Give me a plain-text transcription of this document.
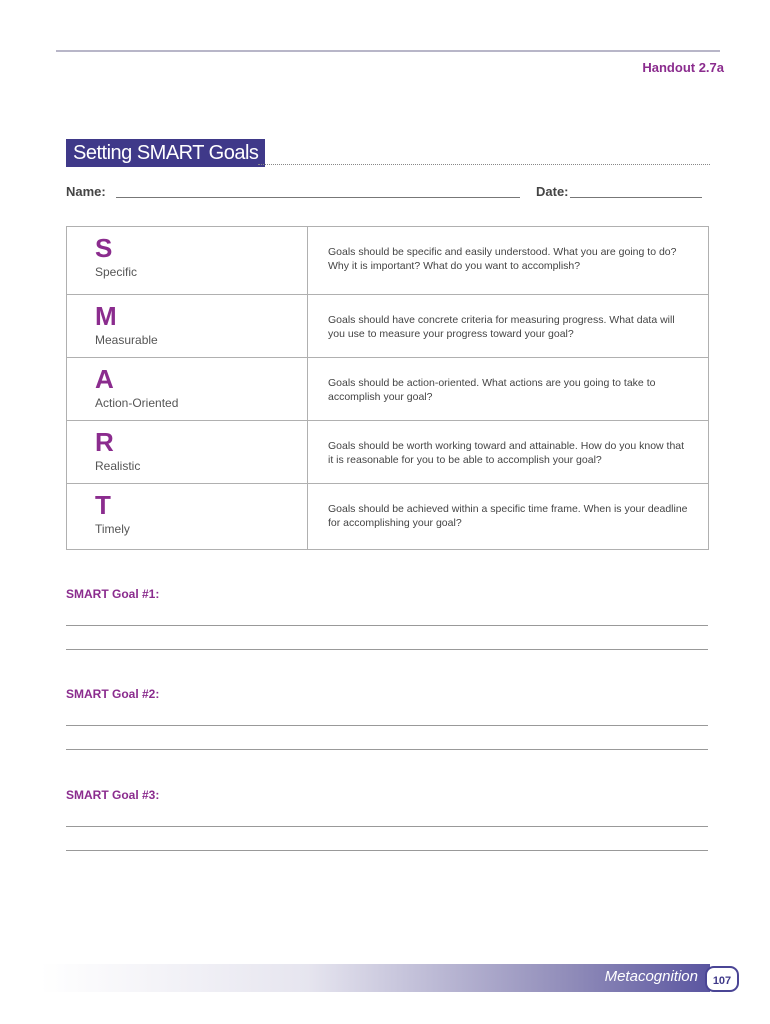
Handout 2.7a
Setting SMART Goals
Name:	Date:
S
Specific	Goals should be specific and easily understood. What you are going to do? Why it is important? What do you want to accomplish?

M
Measurable	Goals should have concrete criteria for measuring progress. What data will you use to measure your progress toward your goal?

A
Action-Oriented	Goals should be action-oriented. What actions are you going to take to accomplish your goal?

R
Realistic	Goals should be worth working toward and attainable. How do you know that it is reasonable for you to be able to accomplish your goal?

T
Timely	Goals should be achieved within a specific time frame. When is your deadline for accomplishing your goal?
SMART Goal #1:
SMART Goal #2:
SMART Goal #3:
Metacognition	107
